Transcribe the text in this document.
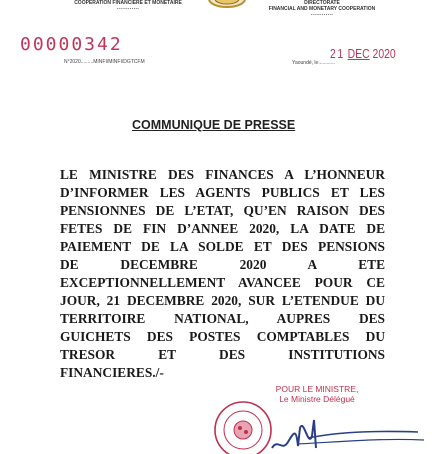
COOPERATION FINANCIERE ET MONETAIRE
............
DIRECTORATE
FINANCIAL AND MONETARY COOPERATION
............
00000342
N°2020.........MINFI/MINFI/DGTCFM
21 DEC 2020
Yaoundé, le............
COMMUNIQUE DE PRESSE
LE MINISTRE DES FINANCES A L’HONNEUR
D’INFORMER LES AGENTS PUBLICS ET LES
PENSIONNES DE L’ETAT, QU’EN RAISON DES
FETES DE FIN D’ANNEE 2020, LA DATE DE
PAIEMENT DE LA SOLDE ET DES PENSIONS
DE DECEMBRE 2020 A ETE
EXCEPTIONNELLEMENT AVANCEE POUR CE
JOUR, 21 DECEMBRE 2020, SUR L’ETENDUE DU
TERRITOIRE NATIONAL, AUPRES DES
GUICHETS DES POSTES COMPTABLES DU
TRESOR ET DES INSTITUTIONS
FINANCIERES./-
POUR LE MINISTRE,
Le Ministre Délégué
